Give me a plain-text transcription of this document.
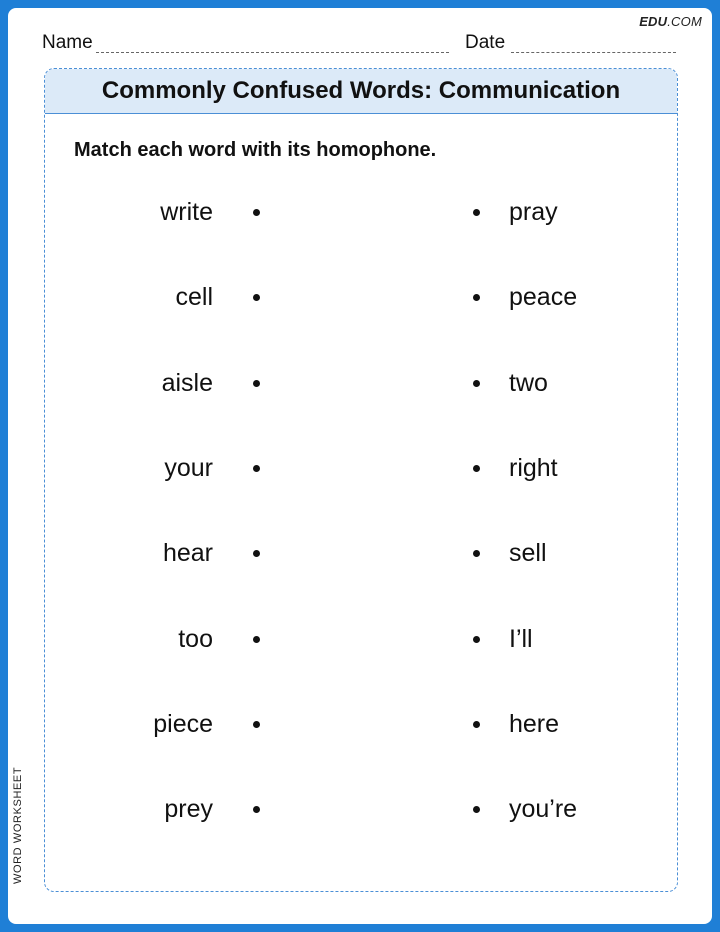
EDU.COM
Name	Date
Commonly Confused Words: Communication
Match each word with its homophone.
write	pray
cell	peace
aisle	two
your	right
hear	sell
too	I’ll
piece	here
prey	you’re
WORD WORKSHEET
